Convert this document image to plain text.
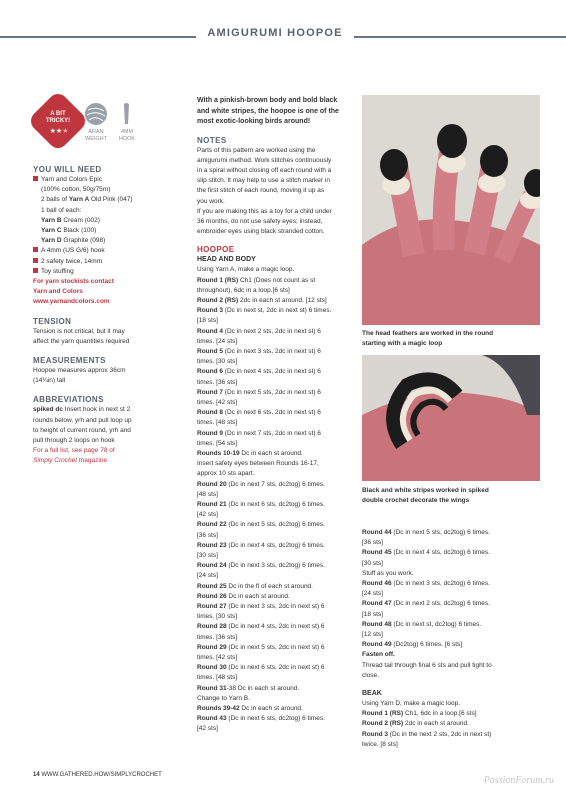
AMIGURUMI HOOPOE
A BIT TRICKY!
★★★	ARAN
WEIGHT
4MM
HOOK
YOU WILL NEED
Yarn and Colors Epic
(100% cotton, 50g/75m)
2 balls of Yarn A Old Pink (047)
1 ball of each:
Yarn B Cream (002)
Yarn C Black (100)
Yarn D Graphite (098)
A 4mm (US G/6) hook
2 safety twice, 14mm
Toy stuffing
For yarn stockists contact
Yarn and Colors
www.yarnandcolors.com
TENSION
Tension is not critical, but it may
affect the yarn quantities required
MEASUREMENTS
Hoopoe measures approx 36cm
(14¼in) tall
ABBREVIATIONS
spiked dc Insert hook in next st 2
rounds below, yrh and pull loop up
to height of current round, yrh and
pull through 2 loops on hook
For a full list, see page 78 of
Simply Crochet magazine
With a pinkish-brown body and bold black
and white stripes, the hoopoe is one of the
most exotic-looking birds around!
NOTES
Parts of this pattern are worked using the
amigurumi method. Work stitches continuously
in a spiral without closing off each round with a
slip stitch. It may help to use a stitch marker in
the first stitch of each round, moving it up as
you work.
If you are making this as a toy for a child under
36 months, do not use safety eyes; instead,
embroider eyes using black stranded cotton.
HOOPOE
HEAD AND BODY
Using Yarn A, make a magic loop.
Round 1 (RS) Ch1 (Does not count as st
throughout), 6dc in a loop.[6 sts]
Round 2 (RS) 2dc in each st around. [12 sts]
Round 3 (Dc in next st, 2dc in next st) 6 times.
[18 sts]
Round 4 (Dc in next 2 sts, 2dc in next st) 6
times. [24 sts]
Round 5 (Dc in next 3 sts, 2dc in next st) 6
times. [30 sts]
Round 6 (Dc in next 4 sts, 2dc in next st) 6
times. [36 sts]
Round 7 (Dc in next 5 sts, 2dc in next st) 6
times. [42 sts]
Round 8 (Dc in next 6 sts, 2dc in next st) 6
times. [48 sts]
Round 9 (Dc in next 7 sts, 2dc in next st) 6
times. [54 sts]
Rounds 10-19 Dc in each st around.
Insert safety eyes between Rounds 16-17,
approx 10 sts apart.
Round 20 (Dc in next 7 sts, dc2tog) 6 times.
[48 sts]
Round 21 (Dc in next 6 sts, dc2tog) 6 times.
[42 sts]
Round 22 (Dc in next 5 sts, dc2tog) 6 times.
[36 sts]
Round 23 (Dc in next 4 sts, dc2tog) 6 times.
[30 sts]
Round 24 (Dc in next 3 sts, dc2tog) 6 times.
[24 sts]
Round 25 Dc in the fl of each st around.
Round 26 Dc in each st around.
Round 27 (Dc in next 3 sts, 2dc in next st) 6
times. [30 sts]
Round 28 (Dc in next 4 sts, 2dc in next st) 6
times. [36 sts]
Round 29 (Dc in next 5 sts, 2dc in next st) 6
times. [42 sts]
Round 30 (Dc in next 6 sts, 2dc in next st) 6
times. [48 sts]
Round 31-38 Dc in each st around.
Change to Yarn B.
Rounds 39-42 Dc in each st around.
Round 43 (Dc in next 6 sts, dc2tog) 6 times.
[42 sts]
The head feathers are worked in the round
starting with a magic loop
Black and white stripes worked in spiked
double crochet decorate the wings
Round 44 (Dc in next 5 sts, dc2tog) 6 times.
[36 sts]
Round 45 (Dc in next 4 sts, dc2tog) 6 times.
[30 sts]
Stuff as you work.
Round 46 (Dc in next 3 sts, dc2tog) 6 times.
[24 sts]
Round 47 (Dc in next 2 sts, dc2tog) 6 times.
[18 sts]
Round 48 (Dc in next st, dc2tog) 6 times.
[12 sts]
Round 49 (Dc2tog) 6 times. [6 sts]
Fasten off.
Thread tail through final 6 sts and pull tight to
close.
BEAK
Using Yarn D, make a magic loop.
Round 1 (RS) Ch1, 6dc in a loop.[6 sts]
Round 2 (RS) 2dc in each st around.
Round 3 (Dc in the next 2 sts, 2dc in next st)
twice. [8 sts]
14 WWW.GATHERED.HOW/SIMPLYCROCHET	PassionForum.ru
